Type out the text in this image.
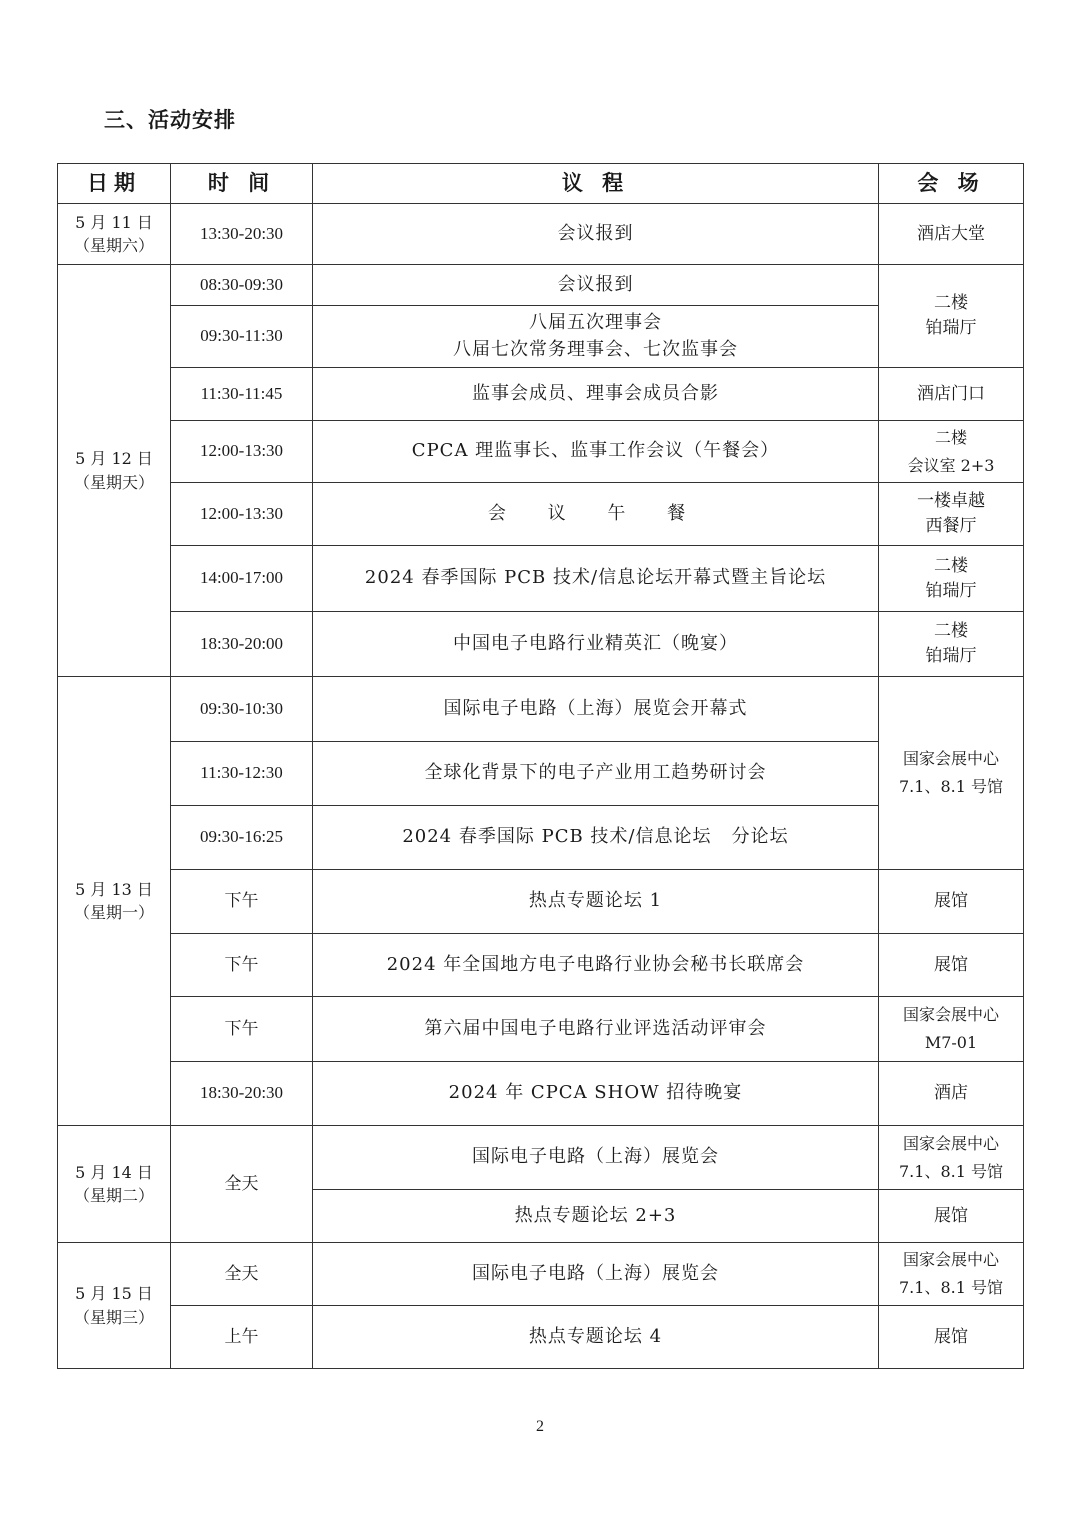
三、活动安排
日期	时 间	议 程	会 场

5 月 11 日
（星期六）	13:30-20:30	会议报到	酒店大堂

5 月 12 日
（星期天）	08:30-09:30	会议报到	二楼
铂瑞厅

	09:30-11:30	八届五次理事会
八届七次常务理事会、七次监事会	

	11:30-11:45	监事会成员、理事会成员合影	酒店门口
	12:00-13:30	CPCA 理监事长、监事工作会议（午餐会）	二楼
会议室 2+3

	12:00-13:30	会 议 午 餐	一楼卓越
西餐厅

	14:00-17:00	2024 春季国际 PCB 技术/信息论坛开幕式暨主旨论坛	二楼
铂瑞厅

	18:30-20:00	中国电子电路行业精英汇（晚宴）	二楼
铂瑞厅

5 月 13 日
（星期一）	09:30-10:30	国际电子电路（上海）展览会开幕式	国家会展中心
7.1、8.1 号馆

	11:30-12:30	全球化背景下的电子产业用工趋势研讨会	
	09:30-16:25	2024 春季国际 PCB 技术/信息论坛   分论坛	
	下午	热点专题论坛 1	展馆
	下午	2024 年全国地方电子电路行业协会秘书长联席会	展馆
	下午	第六届中国电子电路行业评选活动评审会	国家会展中心
M7-01

	18:30-20:30	2024 年 CPCA SHOW 招待晚宴	酒店

5 月 14 日
（星期二）	全天	国际电子电路（上海）展览会	国家会展中心
7.1、8.1 号馆

		热点专题论坛 2+3	展馆

5 月 15 日
（星期三）	全天	国际电子电路（上海）展览会	国家会展中心
7.1、8.1 号馆

	上午	热点专题论坛 4	展馆
2
